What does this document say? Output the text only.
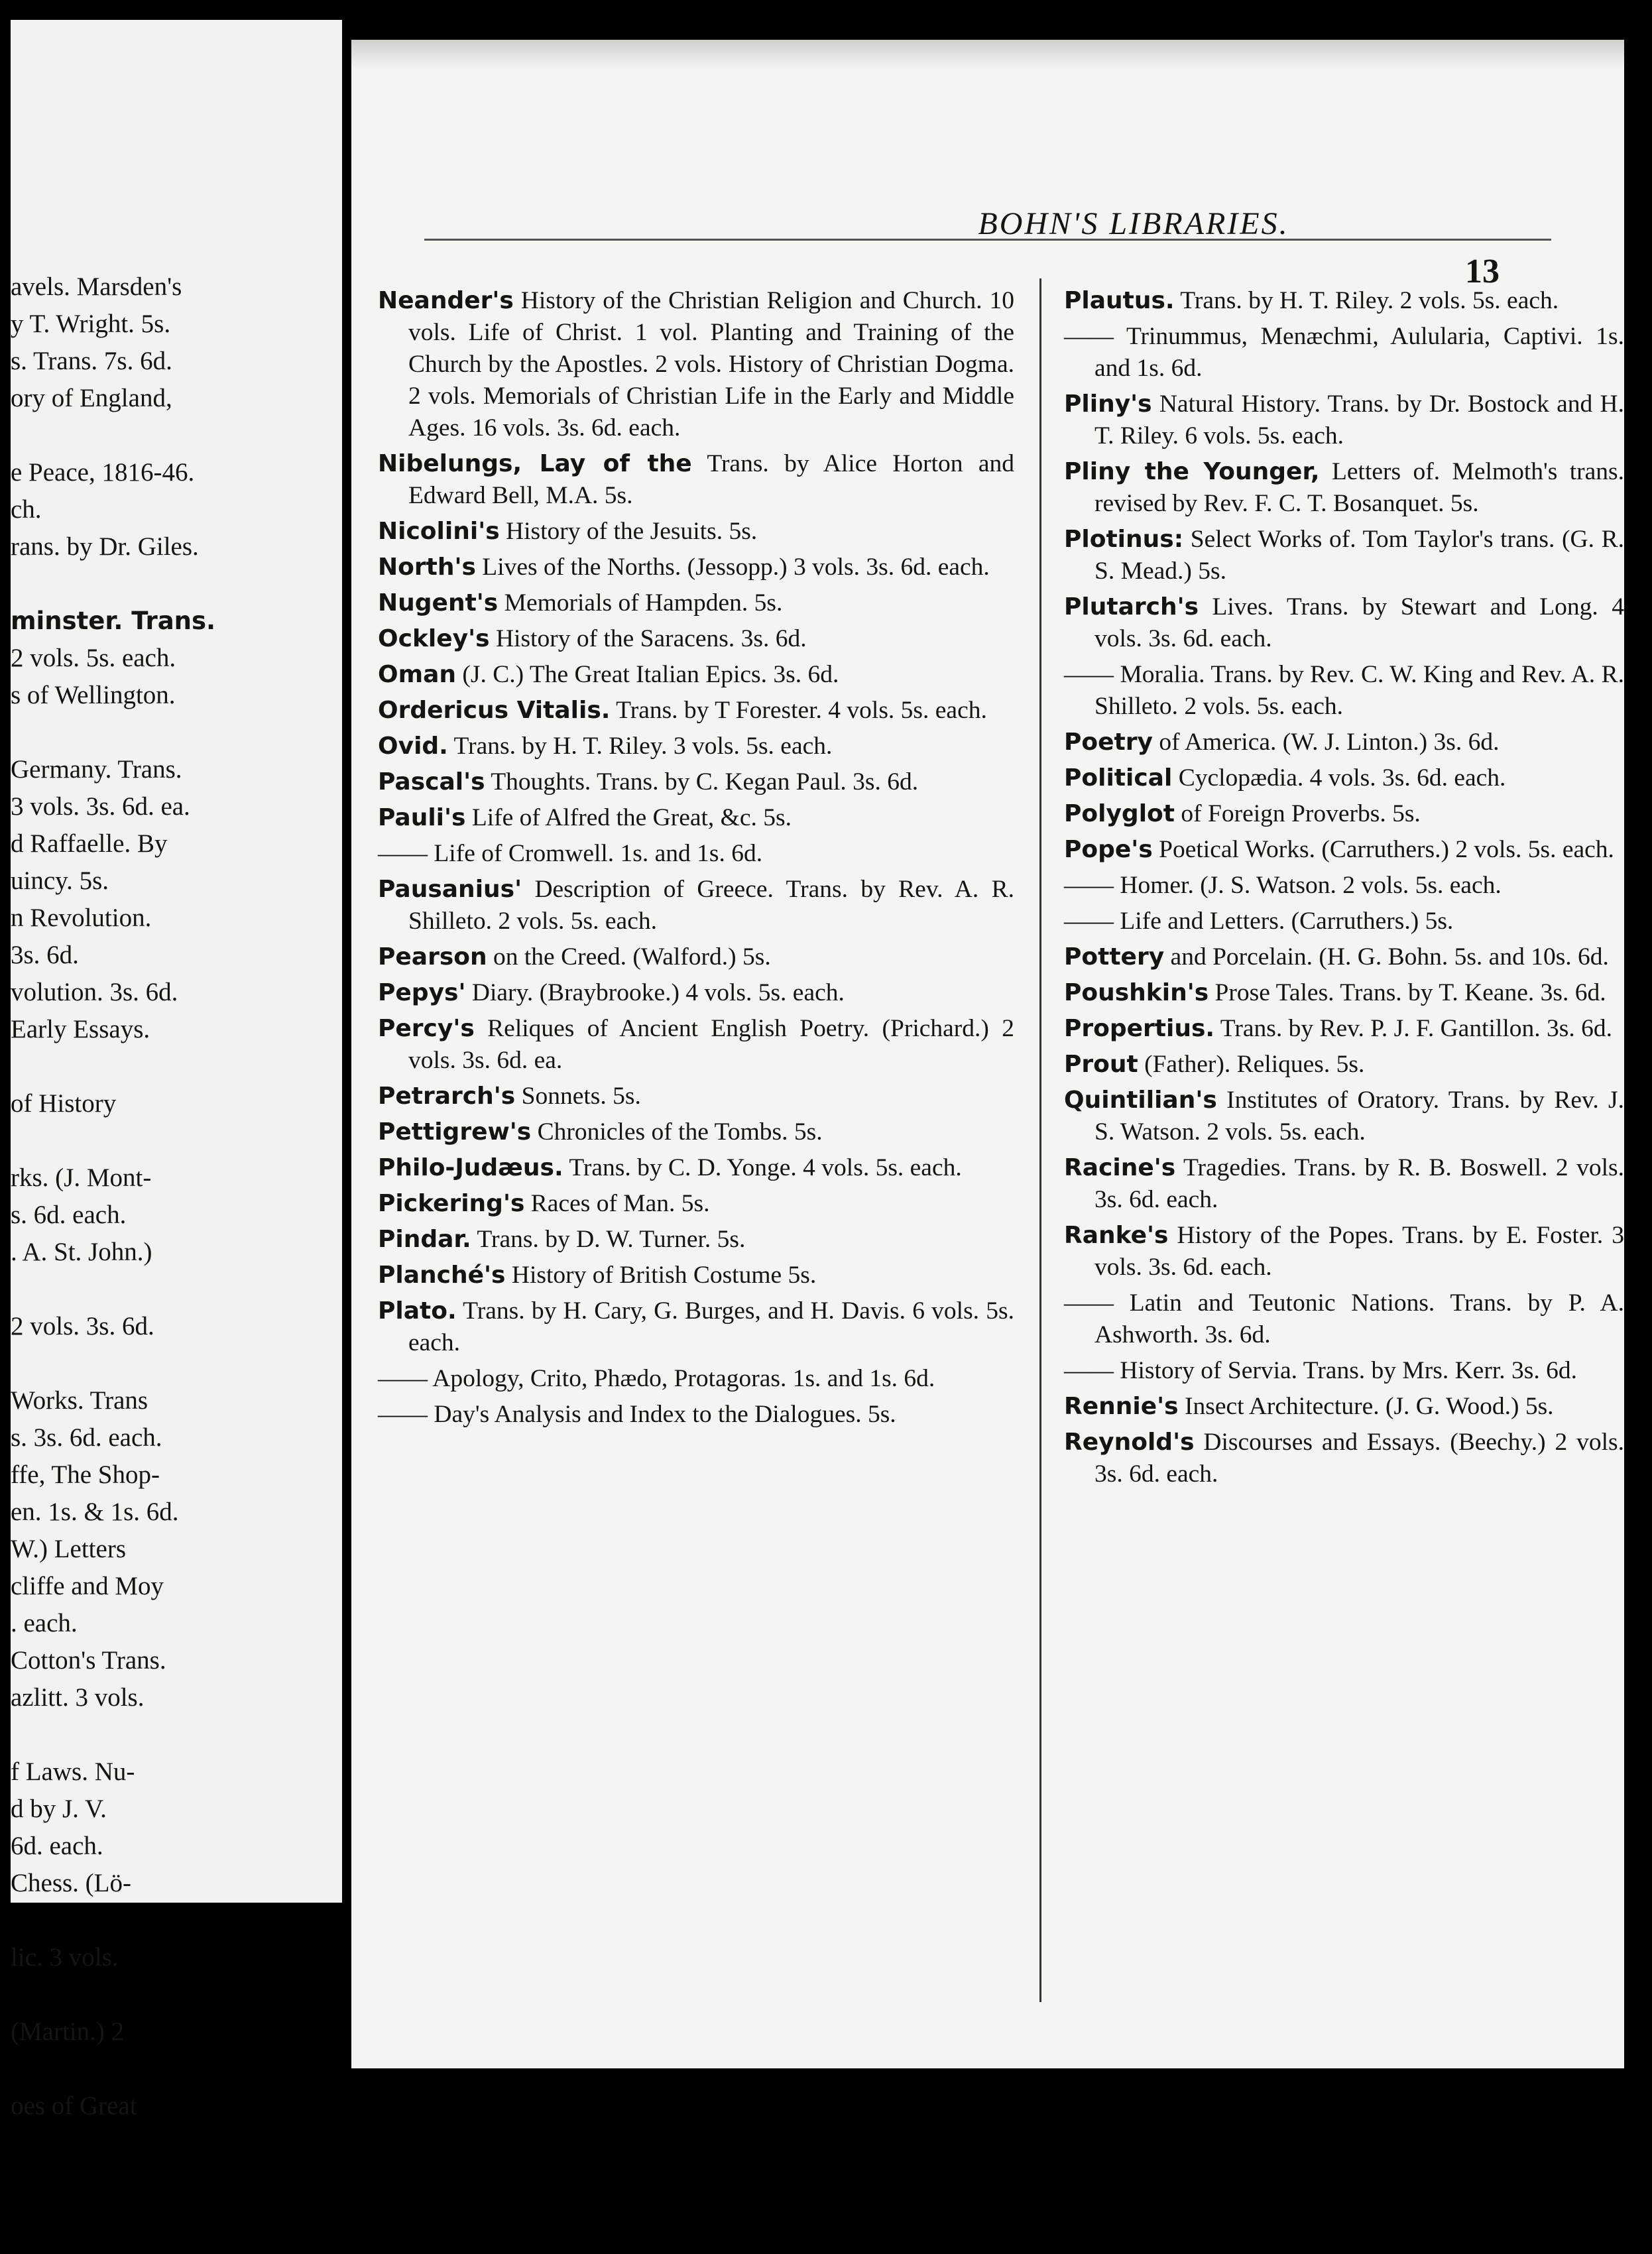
avels. Marsden's
y T. Wright. 5s.
s. Trans. 7s. 6d.
ory of England,
e Peace, 1816-46.
ch.
rans. by Dr. Giles.
minster. Trans.
2 vols. 5s. each.
s of Wellington.
Germany. Trans.
3 vols. 3s. 6d. ea.
d Raffaelle. By
uincy. 5s.
n Revolution.
3s. 6d.
volution. 3s. 6d.
Early Essays.
of History
rks. (J. Mont-
s. 6d. each.
. A. St. John.)
2 vols. 3s. 6d.
Works. Trans
s. 3s. 6d. each.
ffe, The Shop-
en. 1s. & 1s. 6d.
W.) Letters
cliffe and Moy
. each.
Cotton's Trans.
azlitt. 3 vols.
f Laws. Nu-
d by J. V.
6d. each.
Chess. (Lö-
lic. 3 vols.
(Martin.) 2
oes of Great
BOHN'S LIBRARIES.
13

Neander's History of the Christian Religion and Church. 10 vols. Life of Christ. 1 vol. Planting and Training of the Church by the Apostles. 2 vols. History of Christian Dogma. 2 vols. Memorials of Christian Life in the Early and Middle Ages. 16 vols. 3s. 6d. each.

Nibelungs, Lay of the Trans. by Alice Horton and Edward Bell, M.A. 5s.

Nicolini's History of the Jesuits. 5s.

North's Lives of the Norths. (Jessopp.) 3 vols. 3s. 6d. each.

Nugent's Memorials of Hampden. 5s.

Ockley's History of the Saracens. 3s. 6d.

Oman (J. C.) The Great Italian Epics. 3s. 6d.

Ordericus Vitalis. Trans. by T Forester. 4 vols. 5s. each.

Ovid. Trans. by H. T. Riley. 3 vols. 5s. each.

Pascal's Thoughts. Trans. by C. Kegan Paul. 3s. 6d.

Pauli's Life of Alfred the Great, &c. 5s.

—— Life of Cromwell. 1s. and 1s. 6d.

Pausanius' Description of Greece. Trans. by Rev. A. R. Shilleto. 2 vols. 5s. each.

Pearson on the Creed. (Walford.) 5s.

Pepys' Diary. (Braybrooke.) 4 vols. 5s. each.

Percy's Reliques of Ancient English Poetry. (Prichard.) 2 vols. 3s. 6d. ea.

Petrarch's Sonnets. 5s.

Pettigrew's Chronicles of the Tombs. 5s.

Philo-Judæus. Trans. by C. D. Yonge. 4 vols. 5s. each.

Pickering's Races of Man. 5s.

Pindar. Trans. by D. W. Turner. 5s.

Planché's History of British Costume 5s.

Plato. Trans. by H. Cary, G. Burges, and H. Davis. 6 vols. 5s. each.

—— Apology, Crito, Phædo, Protagoras. 1s. and 1s. 6d.

—— Day's Analysis and Index to the Dialogues. 5s.

Plautus. Trans. by H. T. Riley. 2 vols. 5s. each.

—— Trinummus, Menæchmi, Aulularia, Captivi. 1s. and 1s. 6d.

Pliny's Natural History. Trans. by Dr. Bostock and H. T. Riley. 6 vols. 5s. each.

Pliny the Younger, Letters of. Melmoth's trans. revised by Rev. F. C. T. Bosanquet. 5s.

Plotinus: Select Works of. Tom Taylor's trans. (G. R. S. Mead.) 5s.

Plutarch's Lives. Trans. by Stewart and Long. 4 vols. 3s. 6d. each.

—— Moralia. Trans. by Rev. C. W. King and Rev. A. R. Shilleto. 2 vols. 5s. each.

Poetry of America. (W. J. Linton.) 3s. 6d.

Political Cyclopædia. 4 vols. 3s. 6d. each.

Polyglot of Foreign Proverbs. 5s.

Pope's Poetical Works. (Carruthers.) 2 vols. 5s. each.

—— Homer. (J. S. Watson. 2 vols. 5s. each.

—— Life and Letters. (Carruthers.) 5s.

Pottery and Porcelain. (H. G. Bohn. 5s. and 10s. 6d.

Poushkin's Prose Tales. Trans. by T. Keane. 3s. 6d.

Propertius. Trans. by Rev. P. J. F. Gantillon. 3s. 6d.

Prout (Father). Reliques. 5s.

Quintilian's Institutes of Oratory. Trans. by Rev. J. S. Watson. 2 vols. 5s. each.

Racine's Tragedies. Trans. by R. B. Boswell. 2 vols. 3s. 6d. each.

Ranke's History of the Popes. Trans. by E. Foster. 3 vols. 3s. 6d. each.

—— Latin and Teutonic Nations. Trans. by P. A. Ashworth. 3s. 6d.

—— History of Servia. Trans. by Mrs. Kerr. 3s. 6d.

Rennie's Insect Architecture. (J. G. Wood.) 5s.

Reynold's Discourses and Essays. (Beechy.) 2 vols. 3s. 6d. each.
